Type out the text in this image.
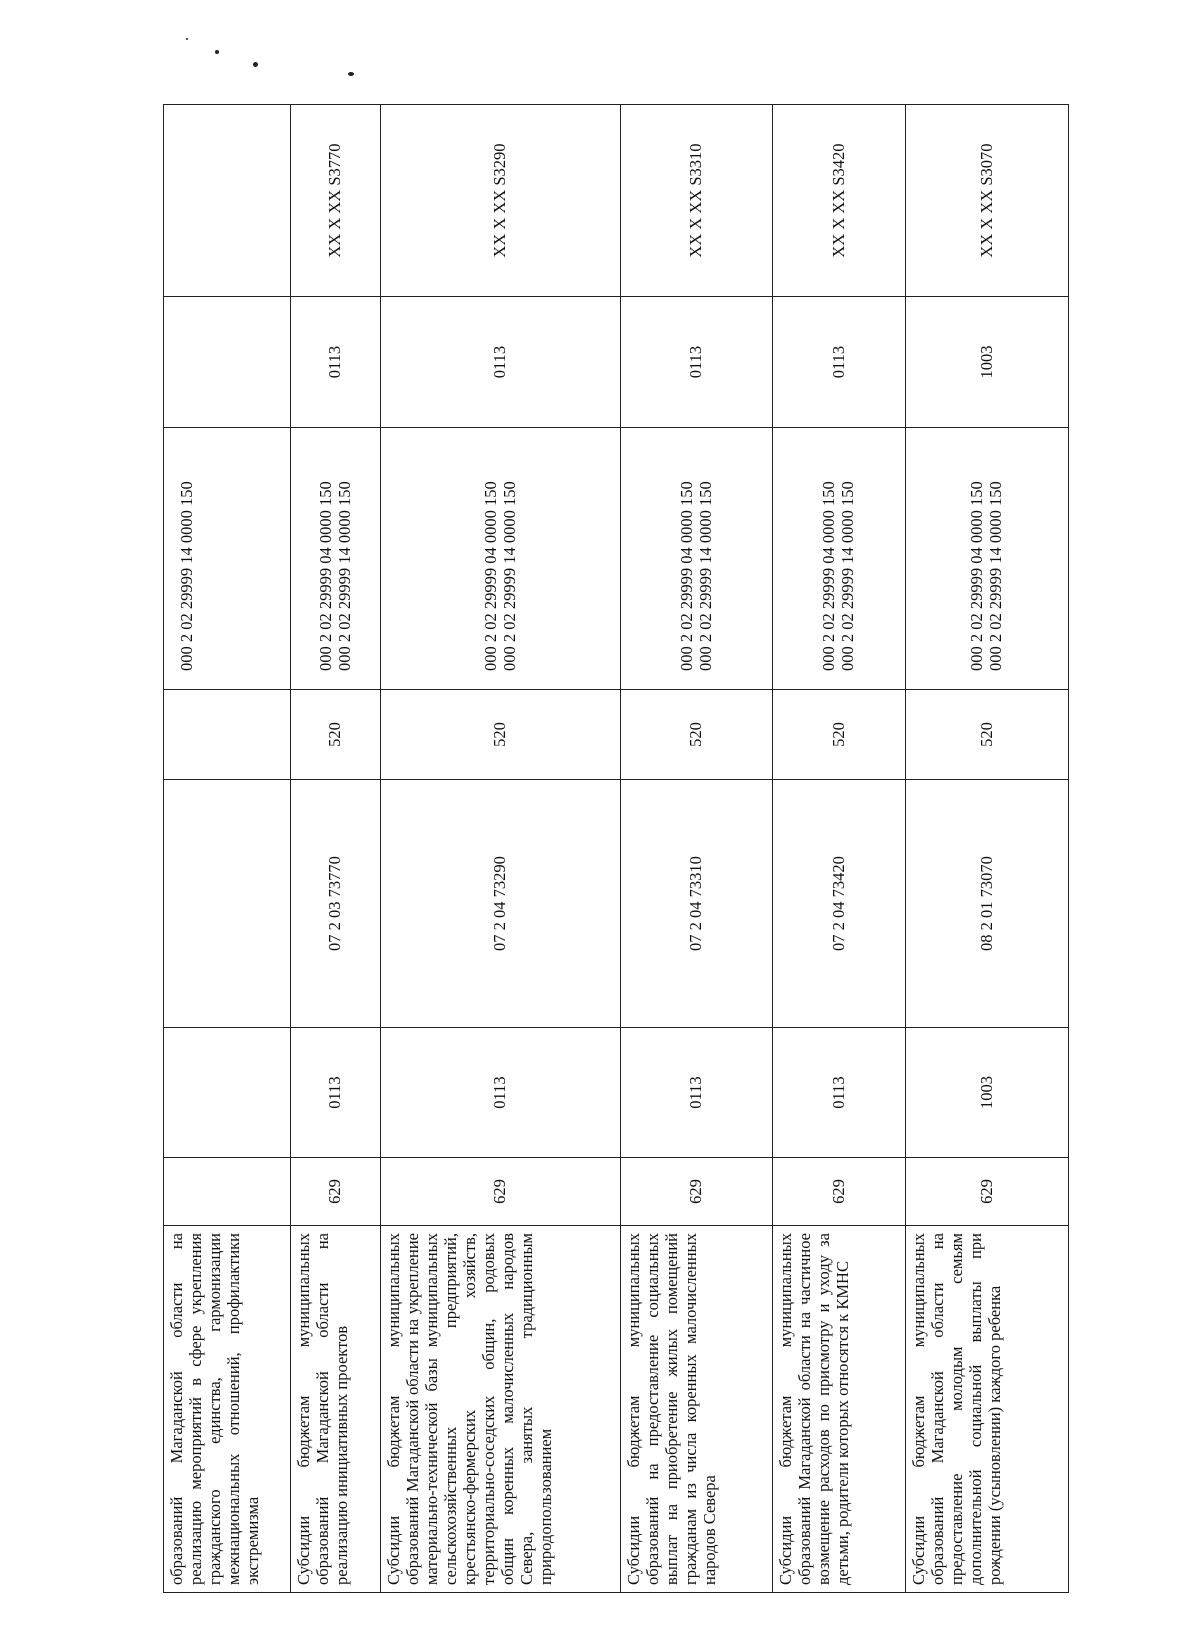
образований Магаданской области на реализацию мероприятий в сфере укрепления гражданского единства, гармонизации межнациональных отношений, профилактики экстремизма					000 2 02 29999 14 0000 150		

Субсидии бюджетам муниципальных образований Магаданской области на реализацию инициативных проектов	629	0113	07 2 03 73770	520	000 2 02 29999 04 0000 150 000 2 02 29999 14 0000 150	0113	XX X XX S3770
Субсидии бюджетам муниципальных образований Магаданской области на укрепление материально-технической базы муниципальных сельскохозяйственных предприятий, крестьянско-фермерских хозяйств, территориально-соседских общин, родовых общин коренных малочисленных народов Севера, занятых традиционным природопользованием	629	0113	07 2 04 73290	520	000 2 02 29999 04 0000 150 000 2 02 29999 14 0000 150	0113	XX X XX S3290
Субсидии бюджетам муниципальных образований на предоставление социальных выплат на приобретение жилых помещений гражданам из числа коренных малочисленных народов Севера	629	0113	07 2 04 73310	520	000 2 02 29999 04 0000 150 000 2 02 29999 14 0000 150	0113	XX X XX S3310
Субсидии бюджетам муниципальных образований Магаданской области на частичное возмещение расходов по присмотру и уходу за детьми, родители которых относятся к КМНС	629	0113	07 2 04 73420	520	000 2 02 29999 04 0000 150 000 2 02 29999 14 0000 150	0113	XX X XX S3420
Субсидии бюджетам муниципальных образований Магаданской области на предоставление молодым семьям дополнительной социальной выплаты при рождении (усыновлении) каждого ребенка	629	1003	08 2 01 73070	520	000 2 02 29999 04 0000 150 000 2 02 29999 14 0000 150	1003	XX X XX S3070
